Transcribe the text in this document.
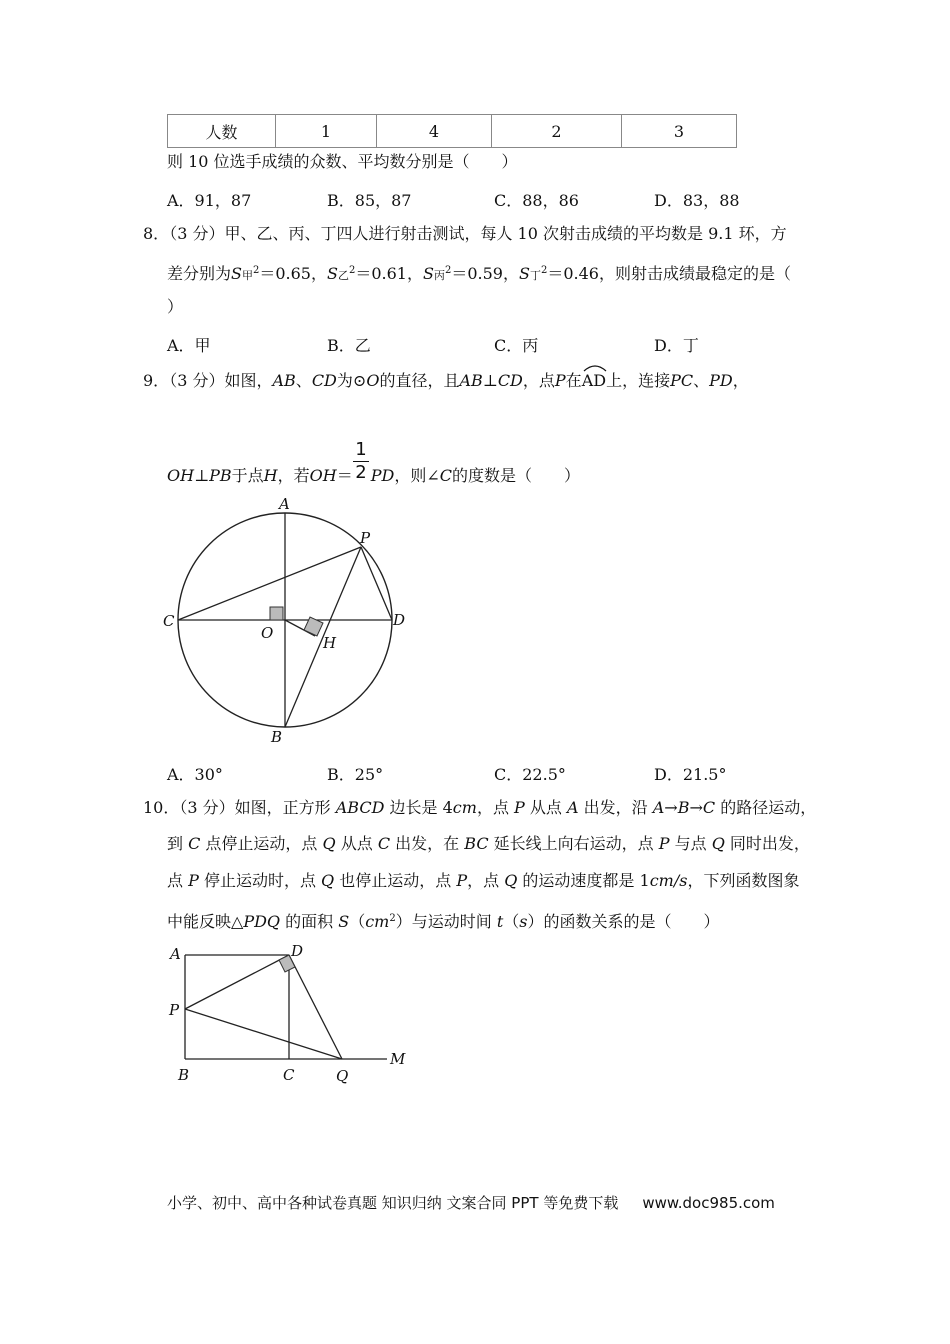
人数	1	4	2	3
则 10 位选手成绩的众数、平均数分别是（　　）
A．91，87	B．85，87	C．88，86	D．83，88
8．（3 分）甲、乙、丙、丁四人进行射击测试，每人 10 次射击成绩的平均数是 9.1 环，方
差分别为S甲$^2$＝0.65，S乙$^2$＝0.61，S丙$^2$＝0.59，S丁$^2$＝0.46，则射击成绩最稳定的是（
）
A．甲	B．乙	C．丙	D．丁
9．（3 分）如图，AB、CD为⊙O的直径，且AB⊥CD，点P在
AD上，连接PC、PD，
1
2
OH⊥PB于点H，若OH＝ PD，则∠C的度数是（　　）
A
P
C
O
D
H
B
A．30°	B．25°	C．22.5°	D．21.5°
10．（3 分）如图，正方形 ABCD 边长是 4cm，点 P 从点 A 出发，沿 A→B→C 的路径运动，
到 C 点停止运动，点 Q 从点 C 出发，在 BC 延长线上向右运动，点 P 与点 Q 同时出发，
点 P 停止运动时，点 Q 也停止运动，点 P，点 Q 的运动速度都是 1cm/s，下列函数图象
中能反映△PDQ 的面积 $S(cm^2)$与运动时间 t（s）的函数关系的是（　　）
A	D
P
M
B	C	Q
小学、初中、高中各种试卷真题 知识归纳 文案合同 PPT 等免费下载 www.doc985.com
